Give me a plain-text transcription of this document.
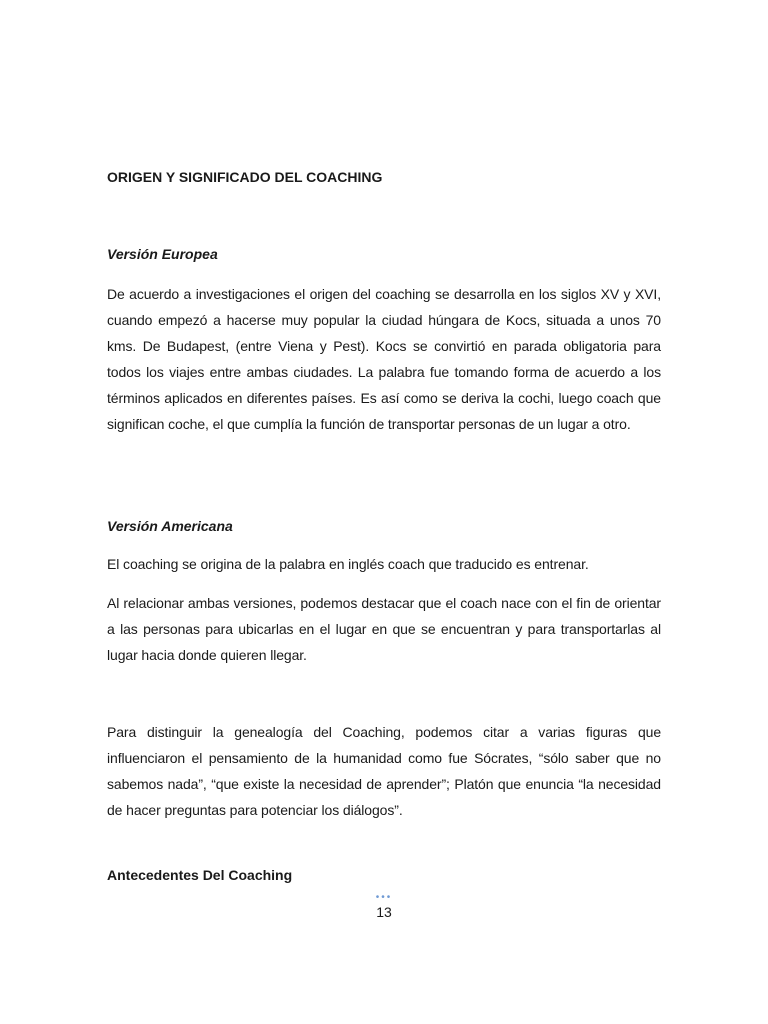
ORIGEN Y SIGNIFICADO DEL COACHING
Versión Europea

De acuerdo a investigaciones el origen del coaching se desarrolla en los siglos XV y XVI, cuando empezó a hacerse muy popular la ciudad húngara de Kocs, situada a unos 70 kms. De Budapest, (entre Viena y Pest). Kocs se convirtió en parada obligatoria para todos los viajes entre ambas ciudades. La palabra fue tomando forma de acuerdo a los términos aplicados en diferentes países. Es así como se deriva la cochi, luego coach que significan coche, el que cumplía la función de transportar personas de un lugar a otro.

Versión Americana

El coaching se origina de la palabra en inglés coach que traducido es entrenar.

Al relacionar ambas versiones, podemos destacar que el coach nace con el fin de orientar a las personas para ubicarlas en el lugar en que se encuentran y para transportarlas al lugar hacia donde quieren llegar.

Para distinguir la genealogía del Coaching, podemos citar a varias figuras que influenciaron el pensamiento de la humanidad como fue Sócrates, “sólo saber que no sabemos nada”, “que existe la necesidad de aprender”; Platón que enuncia “la necesidad de hacer preguntas para potenciar los diálogos”.

Antecedentes Del Coaching
•••
13
